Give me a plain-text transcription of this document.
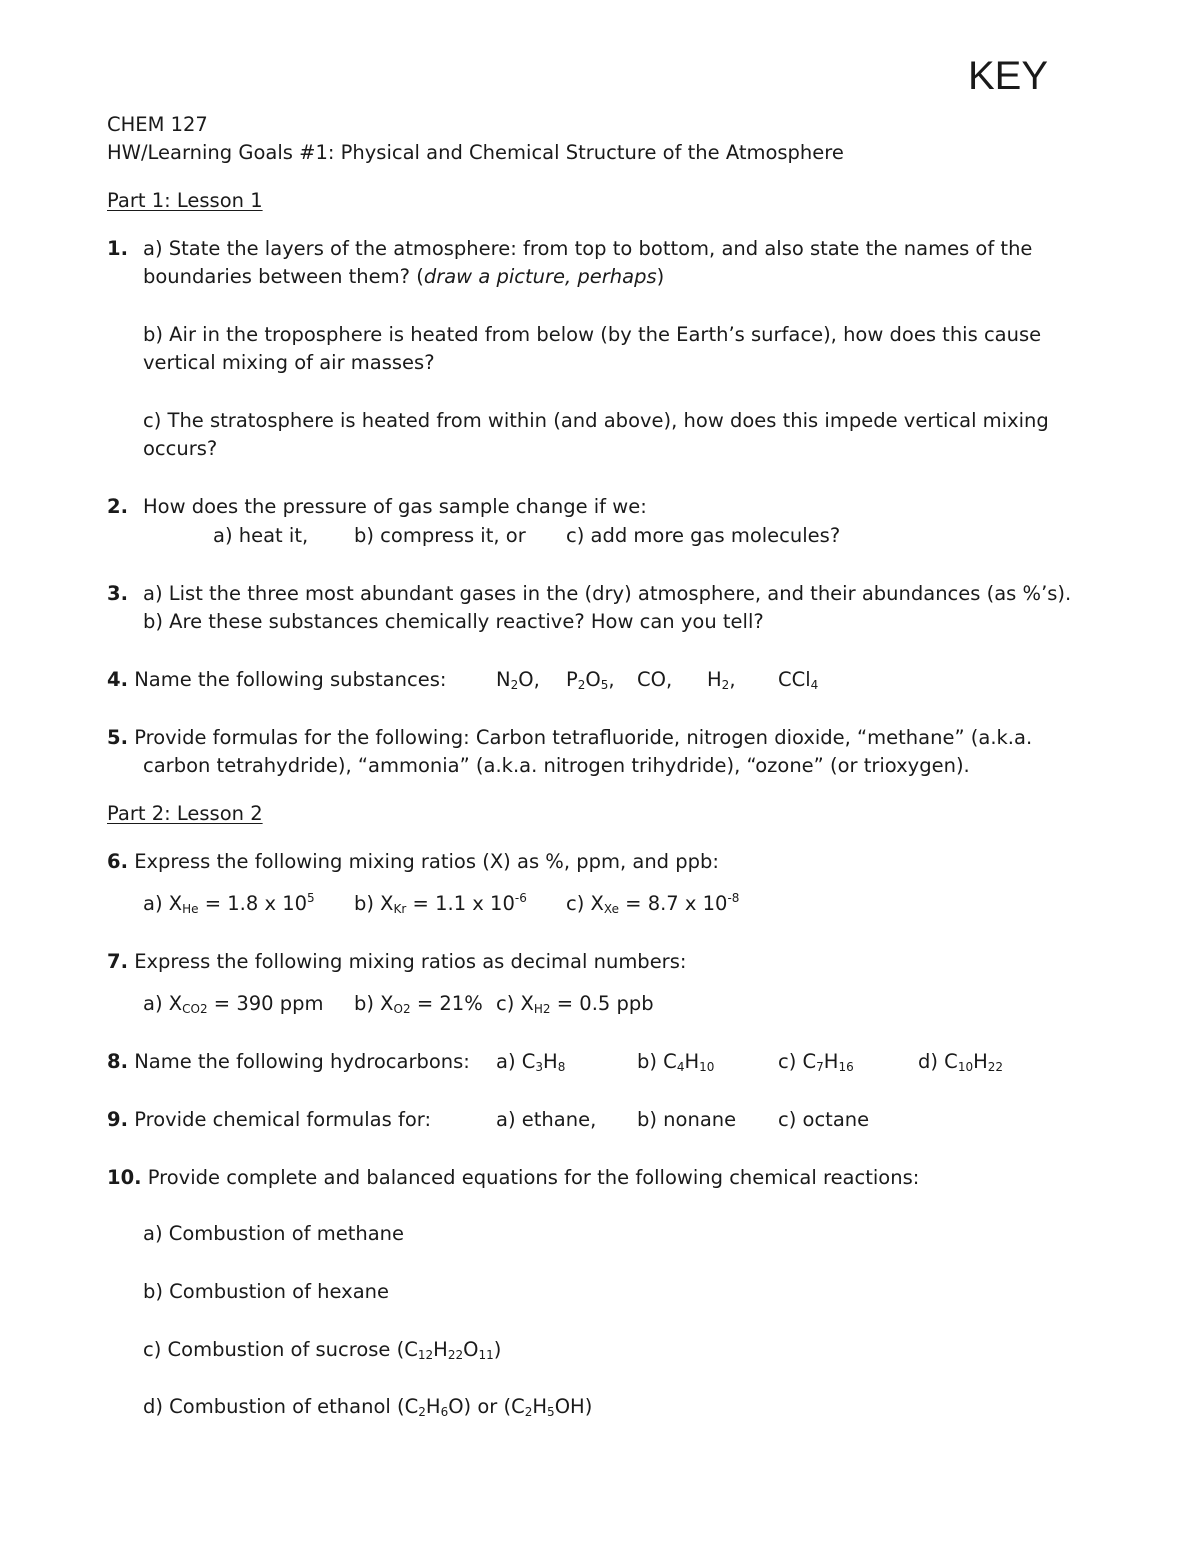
KEY
CHEM 127
HW/Learning Goals #1: Physical and Chemical Structure of the Atmosphere
Part 1: Lesson 1
1. a) State the layers of the atmosphere: from top to bottom, and also state the names of the
boundaries between them? (draw a picture, perhaps)
b) Air in the troposphere is heated from below (by the Earth’s surface), how does this cause
vertical mixing of air masses?
c) The stratosphere is heated from within (and above), how does this impede vertical mixing
occurs?
2. How does the pressure of gas sample change if we:
a) heat it, b) compress it, or c) add more gas molecules?
3. a) List the three most abundant gases in the (dry) atmosphere, and their abundances (as %’s).
b) Are these substances chemically reactive? How can you tell?
4. Name the following substances:	$N_2O$, $P_2O_5$, CO, $H_2$, CCl$_4$
5. Provide formulas for the following: Carbon tetrafluoride, nitrogen dioxide, “methane” (a.k.a.
carbon tetrahydride), “ammonia” (a.k.a. nitrogen trihydride), “ozone” (or trioxygen).
Part 2: Lesson 2
6. Express the following mixing ratios (X) as %, ppm, and ppb:
a) $X_{He} = 1.8$ x $10^5$ b) $X_{Kr} = 1.1$ x $10^{-6}$ c) $X_{Xe} = 8.7$ x $10^{-8}$
7. Express the following mixing ratios as decimal numbers:
a) $X_{CO2} = 390$ ppm b) $X_{O2} = 21\%$ c) $X_{H2} = 0.5$ ppb
8. Name the following hydrocarbons: a) $C_3H_8$	b) $C_4H_{10}$	c) $C_7H_{16}$	d) $C_{10}H_{22}$
9. Provide chemical formulas for:	a) ethane, b) nonane c) octane
10. Provide complete and balanced equations for the following chemical reactions:
a) Combustion of methane
b) Combustion of hexane
c) Combustion of sucrose $(C_{12}H_{22}O_{11})$
d) Combustion of ethanol $(C_2H_6O)$ or $(C_2H_5OH)$
